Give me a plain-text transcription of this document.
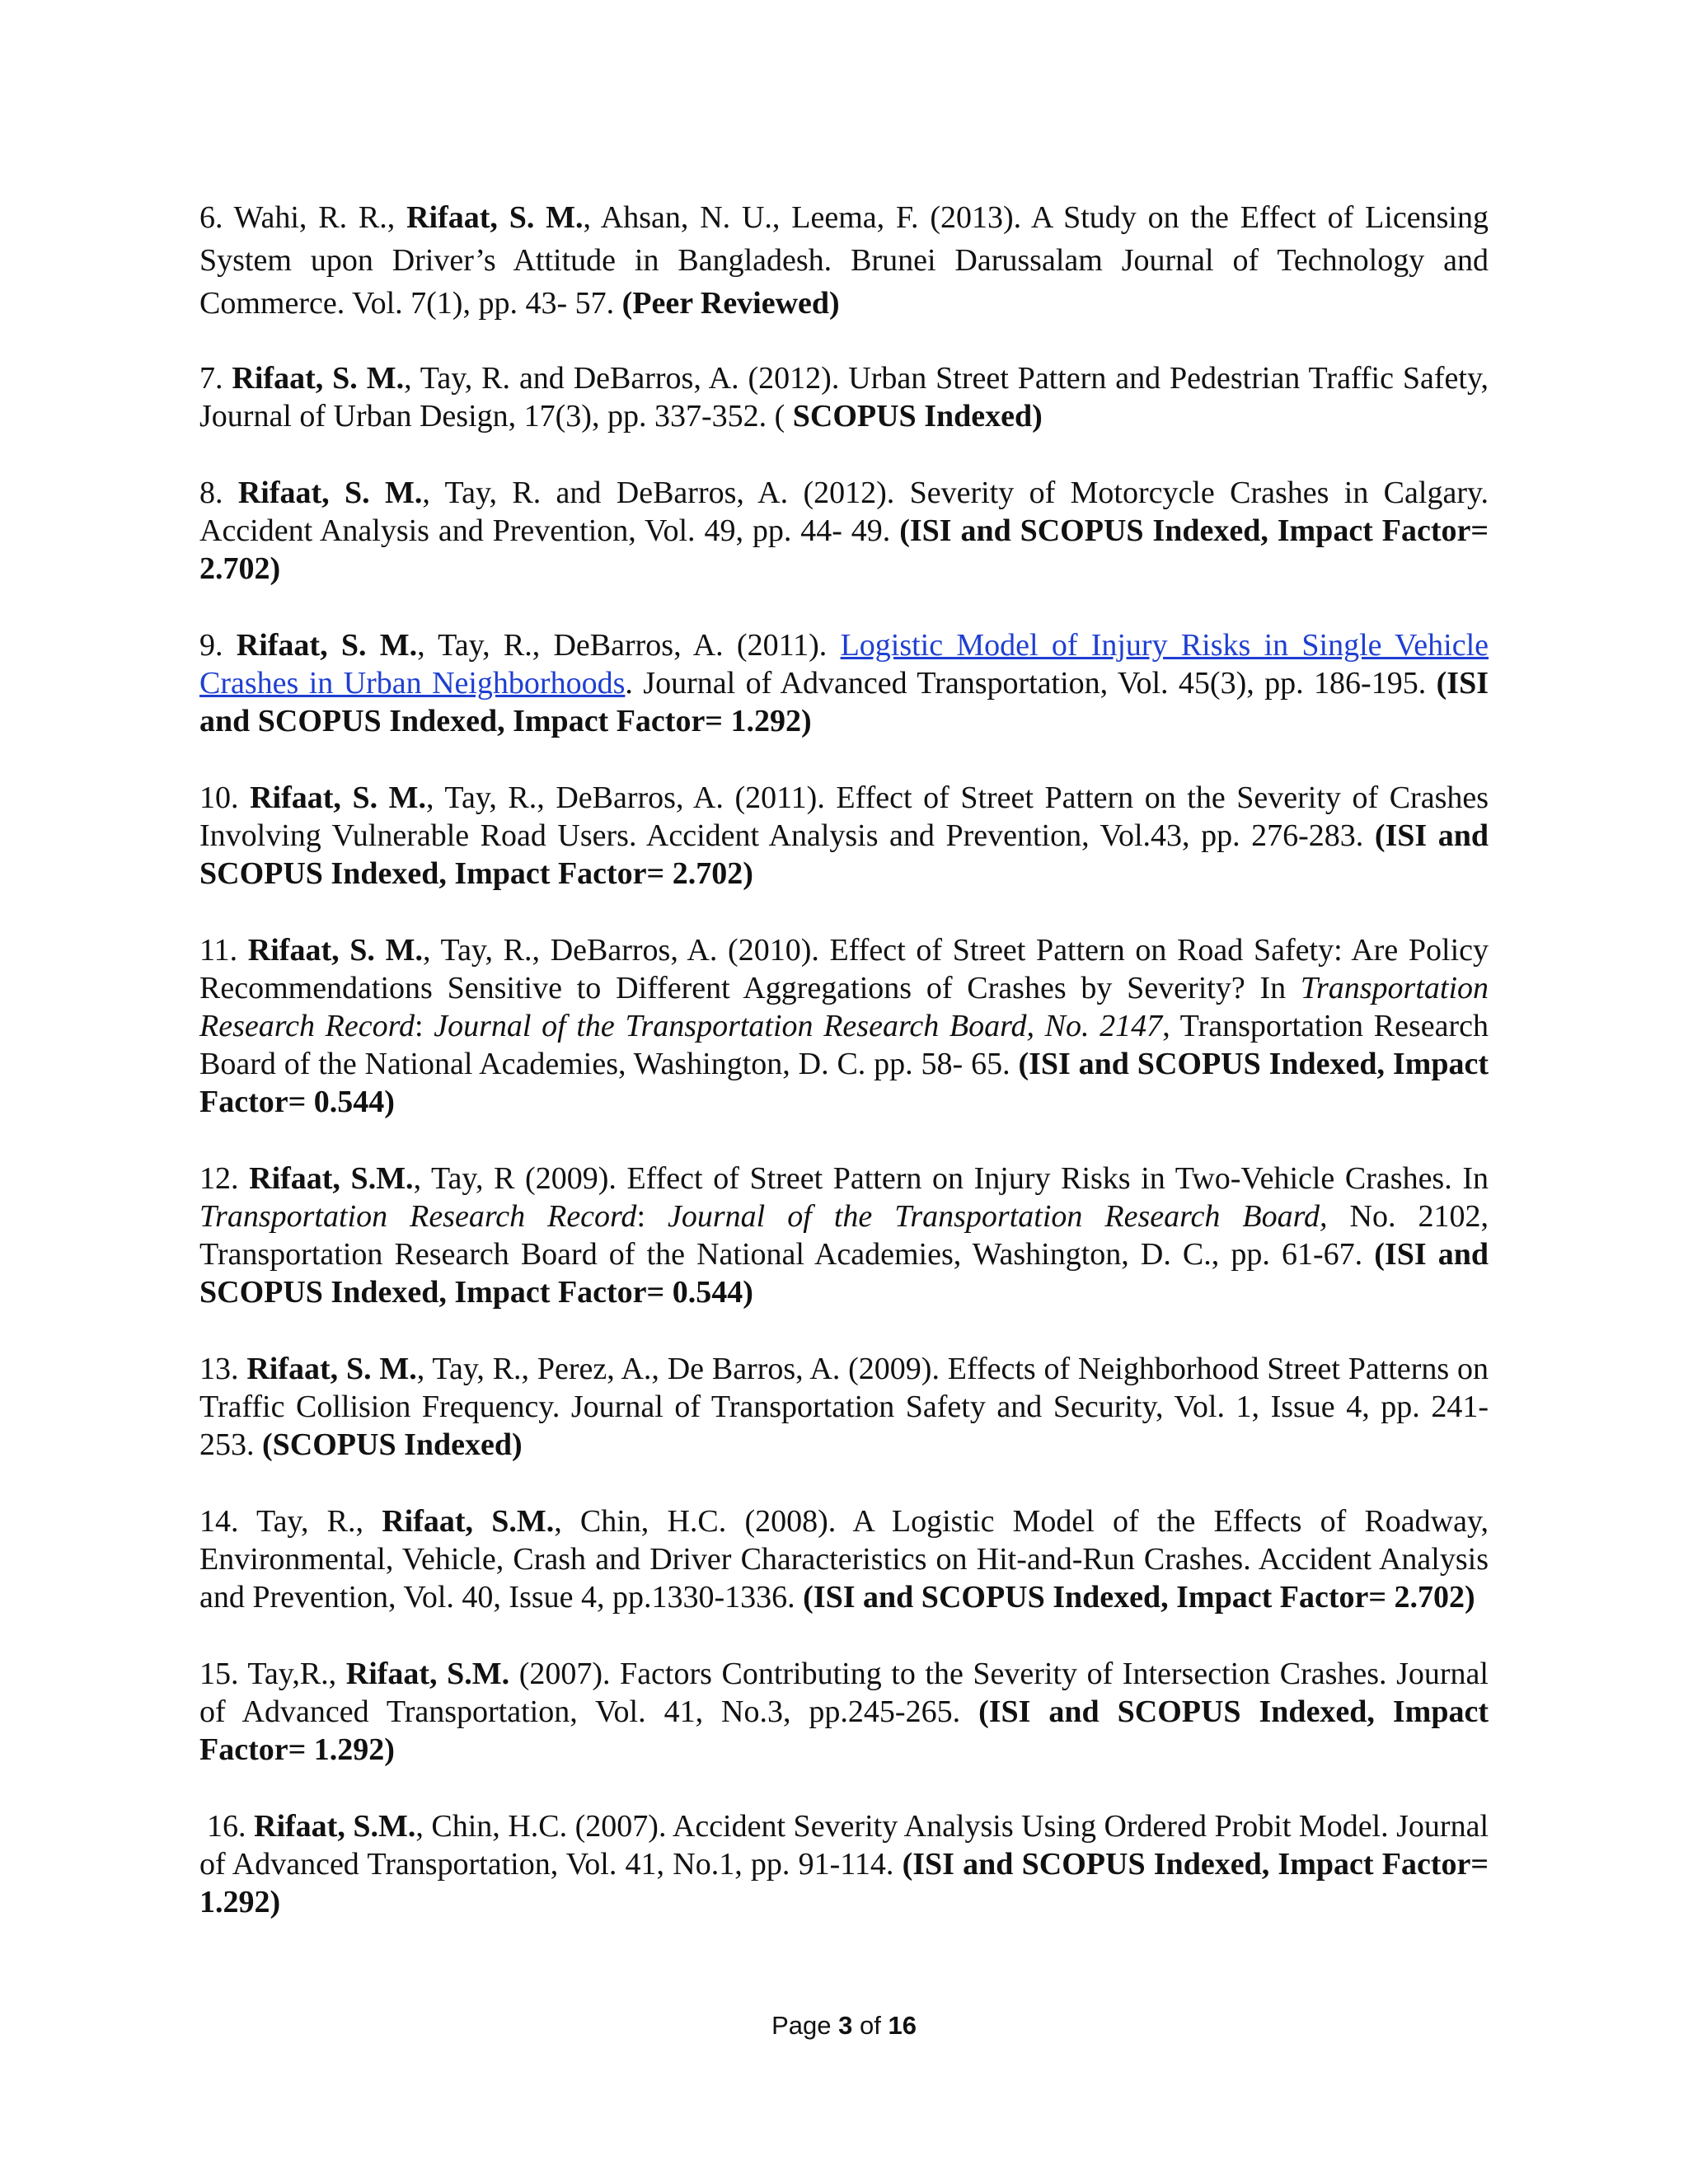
6. Wahi, R. R., Rifaat, S. M., Ahsan, N. U., Leema, F. (2013). A Study on the Effect of Licensing System upon Driver’s Attitude in Bangladesh. Brunei Darussalam Journal of Technology and Commerce. Vol. 7(1), pp. 43- 57. (Peer Reviewed)

7. Rifaat, S. M., Tay, R. and DeBarros, A. (2012). Urban Street Pattern and Pedestrian Traffic Safety, Journal of Urban Design, 17(3), pp. 337-352. ( SCOPUS Indexed)

8. Rifaat, S. M., Tay, R. and DeBarros, A. (2012). Severity of Motorcycle Crashes in Calgary. Accident Analysis and Prevention, Vol. 49, pp. 44- 49. (ISI and SCOPUS Indexed, Impact Factor= 2.702)

9. Rifaat, S. M., Tay, R., DeBarros, A. (2011). Logistic Model of Injury Risks in Single Vehicle Crashes in Urban Neighborhoods. Journal of Advanced Transportation, Vol. 45(3), pp. 186-195. (ISI and SCOPUS Indexed, Impact Factor= 1.292)

10. Rifaat, S. M., Tay, R., DeBarros, A. (2011). Effect of Street Pattern on the Severity of Crashes Involving Vulnerable Road Users. Accident Analysis and Prevention, Vol.43, pp. 276-283. (ISI and SCOPUS Indexed, Impact Factor= 2.702)

11. Rifaat, S. M., Tay, R., DeBarros, A. (2010). Effect of Street Pattern on Road Safety: Are Policy Recommendations Sensitive to Different Aggregations of Crashes by Severity? In Transportation Research Record: Journal of the Transportation Research Board, No. 2147, Transportation Research Board of the National Academies, Washington, D. C. pp. 58- 65. (ISI and SCOPUS Indexed, Impact Factor= 0.544)

12. Rifaat, S.M., Tay, R (2009). Effect of Street Pattern on Injury Risks in Two-Vehicle Crashes. In Transportation Research Record: Journal of the Transportation Research Board, No. 2102, Transportation Research Board of the National Academies, Washington, D. C., pp. 61-67. (ISI and SCOPUS Indexed, Impact Factor= 0.544)

13. Rifaat, S. M., Tay, R., Perez, A., De Barros, A. (2009). Effects of Neighborhood Street Patterns on Traffic Collision Frequency. Journal of Transportation Safety and Security, Vol. 1, Issue 4, pp. 241- 253. (SCOPUS Indexed)

14. Tay, R., Rifaat, S.M., Chin, H.C. (2008). A Logistic Model of the Effects of Roadway, Environmental, Vehicle, Crash and Driver Characteristics on Hit-and-Run Crashes. Accident Analysis and Prevention, Vol. 40, Issue 4, pp.1330-1336. (ISI and SCOPUS Indexed, Impact Factor= 2.702)

15. Tay,R., Rifaat, S.M. (2007). Factors Contributing to the Severity of Intersection Crashes. Journal of Advanced Transportation, Vol. 41, No.3, pp.245-265. (ISI and SCOPUS Indexed, Impact Factor= 1.292)

16. Rifaat, S.M., Chin, H.C. (2007). Accident Severity Analysis Using Ordered Probit Model. Journal of Advanced Transportation, Vol. 41, No.1, pp. 91-114. (ISI and SCOPUS Indexed, Impact Factor= 1.292)

Page 3 of 16
